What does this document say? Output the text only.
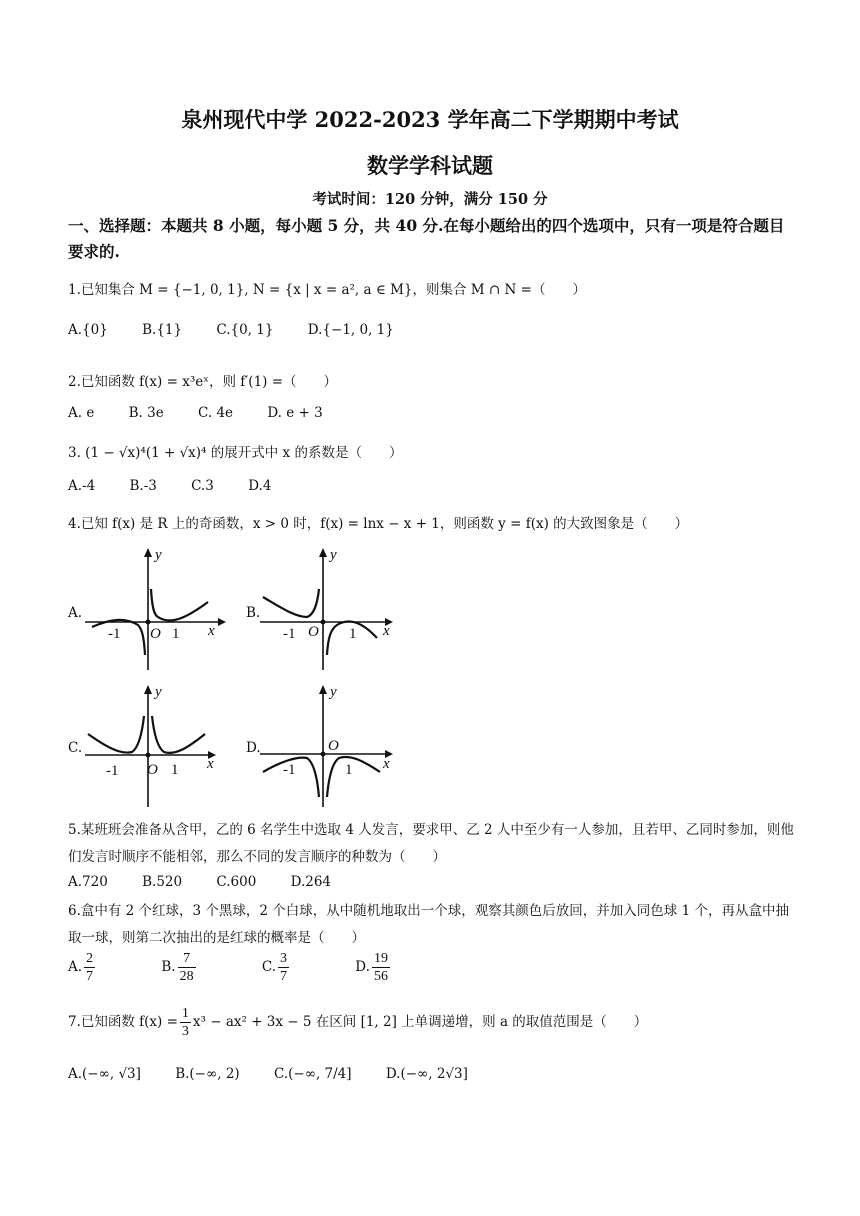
泉州现代中学 2022-2023 学年高二下学期期中考试
数学学科试题
考试时间：120 分钟，满分 150 分
一、选择题：本题共 8 小题，每小题 5 分，共 40 分.在每小题给出的四个选项中，只有一项是符合题目要求的.
1.已知集合 M = {−1, 0, 1}, N = {x | x = a², a ∈ M}，则集合 M ∩ N =（　　）
A.{0}	B.{1}	C.{0, 1}	D.{−1, 0, 1}
2.已知函数 f(x) = x³eˣ，则 f′(1) =（　　）
A. e	B. 3e	C. 4e	D. e + 3
3. (1 − √x)⁴(1 + √x)⁴ 的展开式中 x 的系数是（　　）
A.-4	B.-3	C.3	D.4
4.已知 f(x) 是 R 上的奇函数，x > 0 时，f(x) = lnx − x + 1，则函数 y = f(x) 的大致图象是（　　）
A.
-1 O 1 x
y
B.
-1 O 1 x
y
C.
-1 O 1 x
y
D.
-1
O
1 x
y
5.某班班会准备从含甲，乙的 6 名学生中选取 4 人发言，要求甲、乙 2 人中至少有一人参加，且若甲、乙同时参加，则他们发言时顺序不能相邻，那么不同的发言顺序的种数为（　　）
A.720	B.520	C.600	D.264
6.盒中有 2 个红球，3 个黑球，2 个白球，从中随机地取出一个球，观察其颜色后放回，并加入同色球 1 个，再从盒中抽取一球，则第二次抽出的是红球的概率是（　　）
A. $\frac{2}{7}$	B. $\frac{7}{28}$	C. $\frac{3}{7}$	D. $\frac{19}{56}$
7.已知函数 $f(x) = \frac{1}{3} x^3 - ax^2 + 3x - 5$ 在区间 [1, 2] 上单调递增，则 a 的取值范围是（　　）
A.(−∞, √3]	B.(−∞, 2)	C.(−∞, 7/4]	D.(−∞, 2√3]
